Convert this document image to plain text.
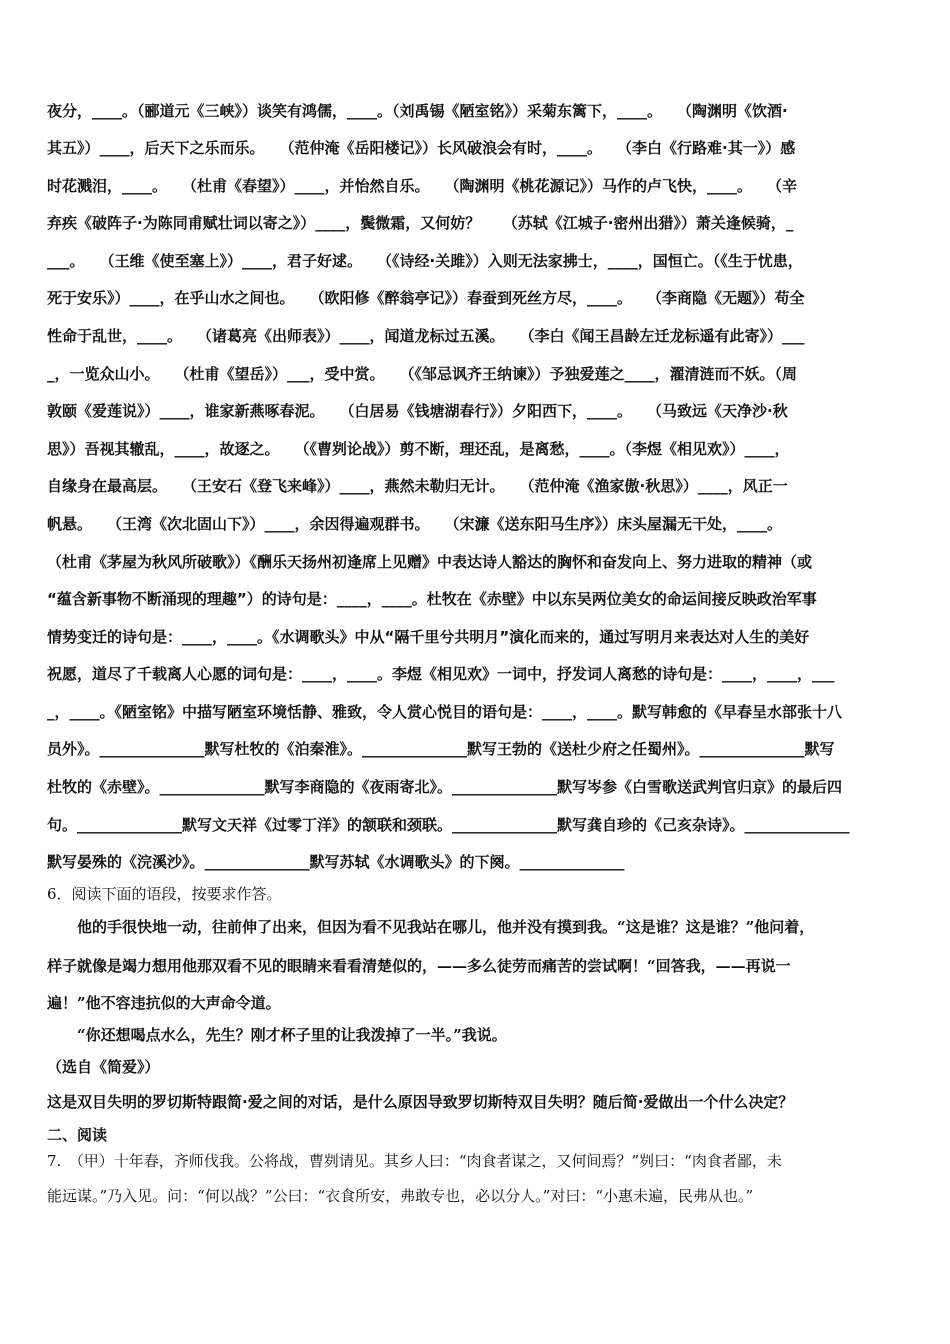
夜分，____。（郦道元《三峡》）谈笑有鸿儒，____。（刘禹锡《陋室铭》）采菊东篱下，____。　　（陶渊明《饮酒·
其五》）____，后天下之乐而乐。　　（范仲淹《岳阳楼记》）长风破浪会有时，____。　　（李白《行路难·其一》）感
时花溅泪，____。　　（杜甫《春望》）____，并怡然自乐。　　（陶渊明《桃花源记》）马作的卢飞快，____。　　（辛
弃疾《破阵子·为陈同甫赋壮词以寄之》）____，鬓微霜，又何妨？　　（苏轼《江城子·密州出猎》）萧关逢候骑，_
___。　　（王维《使至塞上》）____，君子好逑。　　（《诗经·关雎》）入则无法家拂士，____，国恒亡。（《生于忧患，
死于安乐》）____，在乎山水之间也。　　（欧阳修《醉翁亭记》）春蚕到死丝方尽，____。　　（李商隐《无题》）苟全
性命于乱世，____。　　（诸葛亮《出师表》）____，闻道龙标过五溪。　　（李白《闻王昌龄左迁龙标遥有此寄》）___
_，一览众山小。　　（杜甫《望岳》）___，受中赏。　　（《邹忌讽齐王纳谏》）予独爱莲之____，濯清涟而不妖。（周
敦颐《爱莲说》）____，谁家新燕啄春泥。　　（白居易《钱塘湖春行》）夕阳西下，____。　　（马致远《天净沙·秋
思》）吾视其辙乱，____，故逐之。　　（《曹刿论战》）剪不断，理还乱，是离愁，____。（李煜《相见欢》）____，
自缘身在最高层。　　（王安石《登飞来峰》）____，燕然未勒归无计。　　（范仲淹《渔家傲·秋思》）____，风正一
帆悬。　　（王湾《次北固山下》）____，余因得遍观群书。　　（宋濂《送东阳马生序》）床头屋漏无干处，____。
（杜甫《茅屋为秋风所破歌》）《酬乐天扬州初逢席上见赠》中表达诗人豁达的胸怀和奋发向上、努力进取的精神（或
“蕴含新事物不断涌现的理趣”）的诗句是：____，____。杜牧在《赤壁》中以东吴两位美女的命运间接反映政治军事
情势变迁的诗句是：____，____。《水调歌头》中从“隔千里兮共明月”演化而来的，通过写明月来表达对人生的美好
祝愿，道尽了千载离人心愿的词句是：____，____。李煜《相见欢》一词中，抒发词人离愁的诗句是：____，____，___
_，____。《陋室铭》中描写陋室环境恬静、雅致，令人赏心悦目的语句是：____，____。默写韩愈的《早春呈水部张十八
员外》。______________默写杜牧的《泊秦淮》。______________默写王勃的《送杜少府之任蜀州》。______________默写
杜牧的《赤壁》。______________默写李商隐的《夜雨寄北》。______________默写岑参《白雪歌送武判官归京》的最后四
句。______________默写文天祥《过零丁洋》的颔联和颈联。______________默写龚自珍的《己亥杂诗》。______________
默写晏殊的《浣溪沙》。______________默写苏轼《水调歌头》的下阕。______________
6．阅读下面的语段，按要求作答。
　　他的手很快地一动，往前伸了出来，但因为看不见我站在哪儿，他并没有摸到我。“这是谁？这是谁？”他问着，
样子就像是竭力想用他那双看不见的眼睛来看看清楚似的，——多么徒劳而痛苦的尝试啊！“回答我，——再说一
遍！”他不容违抗似的大声命令道。
　　“你还想喝点水么，先生？刚才杯子里的让我泼掉了一半。”我说。
（选自《简爱》）
这是双目失明的罗切斯特跟简·爱之间的对话，是什么原因导致罗切斯特双目失明？随后简·爱做出一个什么决定？
二、阅读
7.　（甲）十年春，齐师伐我。公将战，曹刿请见。其乡人曰：“肉食者谋之，又何间焉？”刿曰：“肉食者鄙，未
能远谋。”乃入见。问：“何以战？”公曰：“衣食所安，弗敢专也，必以分人。”对曰：“小惠未遍，民弗从也。”
